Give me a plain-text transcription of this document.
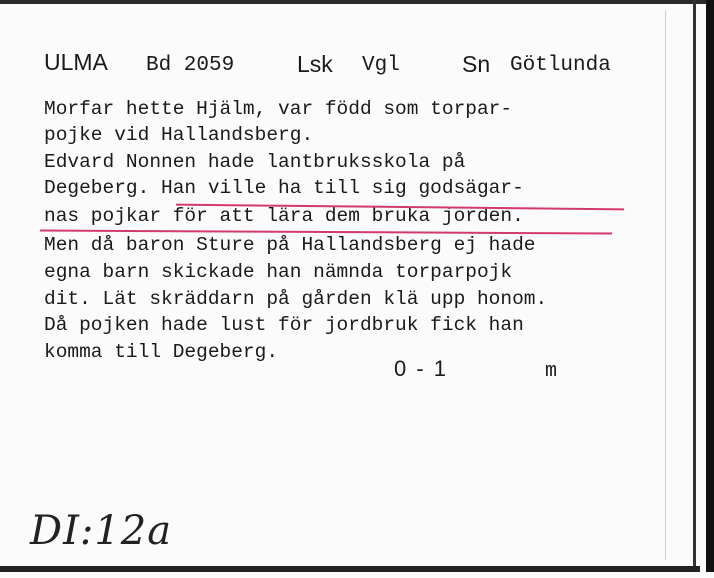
ULMA Bd 2059	Lsk Vgl	Sn Götlunda
Morfar hette Hjälm, var född som torpar-
pojke vid Hallandsberg.
Edvard Nonnen hade lantbruksskola på
Degeberg. Han ville ha till sig godsägar-
nas pojkar för att lära dem bruka jorden.
Men då baron Sture på Hallandsberg ej hade
egna barn skickade han nämnda torparpojk
dit. Lät skräddarn på gården klä upp honom.
Då pojken hade lust för jordbruk fick han
komma till Degeberg.
0 - 1	m
DI:12a
